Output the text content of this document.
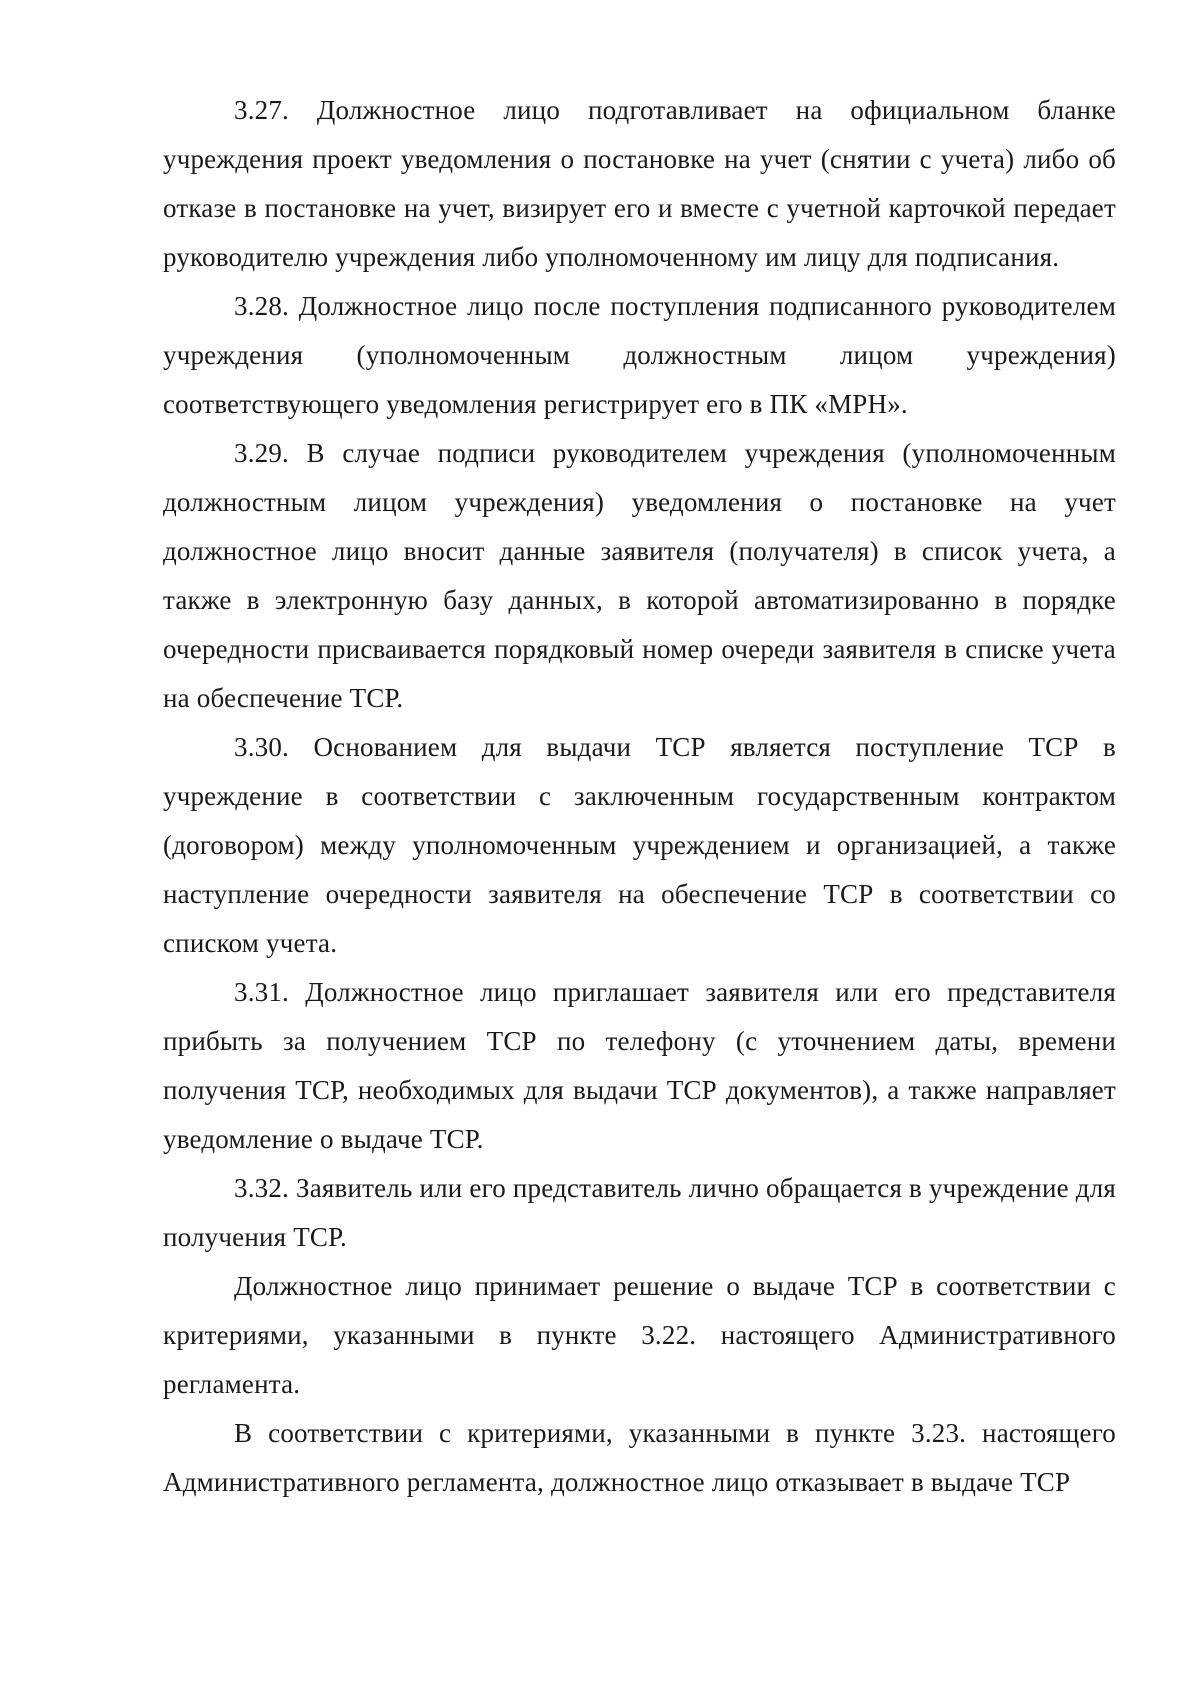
3.27. Должностное лицо подготавливает на официальном бланке учреждения проект уведомления о постановке на учет (снятии с учета) либо об отказе в постановке на учет, визирует его и вместе с учетной карточкой передает руководителю учреждения либо уполномоченному им лицу для подписания.

3.28. Должностное лицо после поступления подписанного руководителем учреждения (уполномоченным должностным лицом учреждения) соответствующего уведомления регистрирует его в ПК «МРН».

3.29. В случае подписи руководителем учреждения (уполномоченным должностным лицом учреждения) уведомления о постановке на учет должностное лицо вносит данные заявителя (получателя) в список учета, а также в электронную базу данных, в которой автоматизированно в порядке очередности присваивается порядковый номер очереди заявителя в списке учета на обеспечение ТСР.

3.30. Основанием для выдачи ТСР является поступление ТСР в учреждение в соответствии с заключенным государственным контрактом (договором) между уполномоченным учреждением и организацией, а также наступление очередности заявителя на обеспечение ТСР в соответствии со списком учета.

3.31. Должностное лицо приглашает заявителя или его представителя прибыть за получением ТСР по телефону (с уточнением даты, времени получения ТСР, необходимых для выдачи ТСР документов), а также направляет уведомление о выдаче ТСР.

3.32. Заявитель или его представитель лично обращается в учреждение для получения ТСР.

Должностное лицо принимает решение о выдаче ТСР в соответствии с критериями, указанными в пункте 3.22. настоящего Административного регламента.

В соответствии с критериями, указанными в пункте 3.23. настоящего Административного регламента, должностное лицо отказывает в выдаче ТСР
